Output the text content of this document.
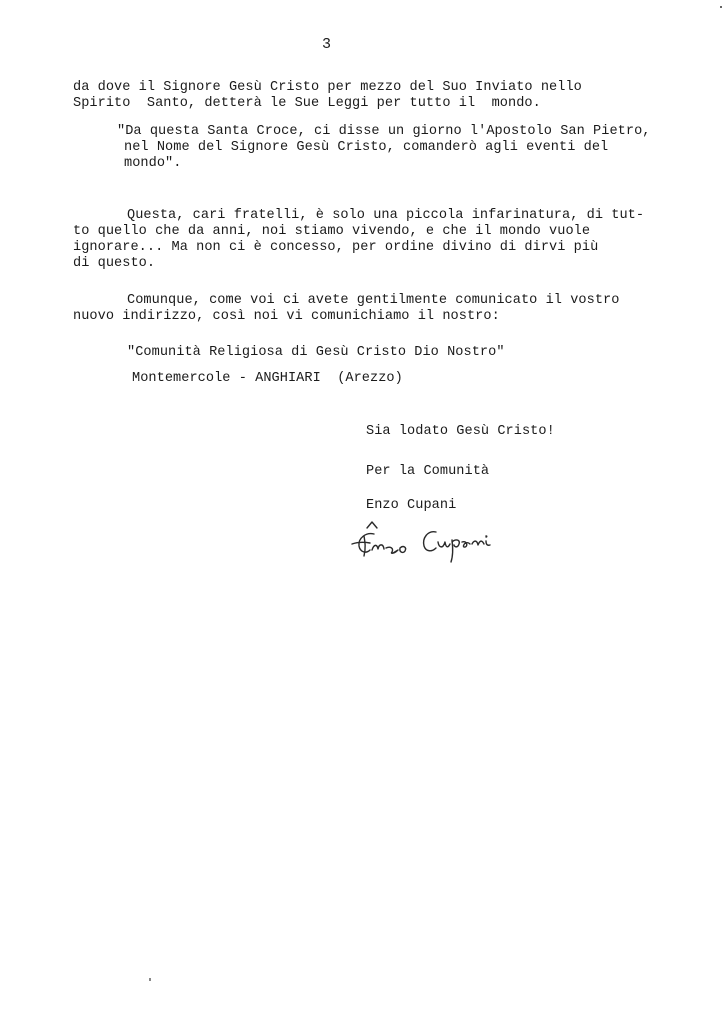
3
da dove il Signore Gesù Cristo per mezzo del Suo Inviato nello
Spirito  Santo, detterà le Sue Leggi per tutto il  mondo.
"Da questa Santa Croce, ci disse un giorno l'Apostolo San Pietro,
nel Nome del Signore Gesù Cristo, comanderò agli eventi del
mondo".
Questa, cari fratelli, è solo una piccola infarinatura, di tut-
to quello che da anni, noi stiamo vivendo, e che il mondo vuole
ignorare... Ma non ci è concesso, per ordine divino di dirvi più
di questo.
Comunque, come voi ci avete gentilmente comunicato il vostro
nuovo indirizzo, così noi vi comunichiamo il nostro:
"Comunità Religiosa di Gesù Cristo Dio Nostro"
Montemercole - ANGHIARI  (Arezzo)
Sia lodato Gesù Cristo!
Per la Comunità
Enzo Cupani
